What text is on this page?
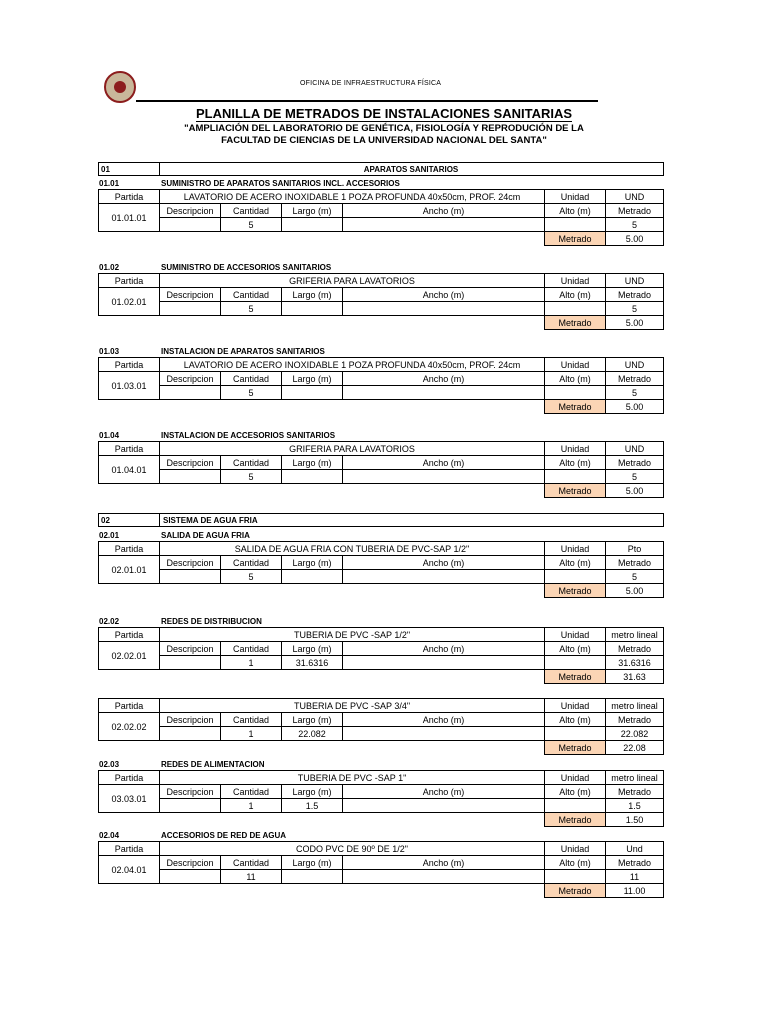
OFICINA DE INFRAESTRUCTURA FÍSICA
PLANILLA DE METRADOS DE INSTALACIONES SANITARIAS
"AMPLIACIÓN DEL LABORATORIO DE GENÉTICA, FISIOLOGÍA Y REPRODUCIÓN DE LA
FACULTAD DE CIENCIAS DE LA UNIVERSIDAD NACIONAL DEL SANTA"
01	APARATOS SANITARIOS
02	SISTEMA DE AGUA FRIA
01.01	SUMINISTRO DE APARATOS SANITARIOS INCL. ACCESORIOS
01.02	SUMINISTRO DE ACCESORIOS SANITARIOS
01.03	INSTALACION DE APARATOS SANITARIOS
01.04	INSTALACION DE ACCESORIOS SANITARIOS
02.01	SALIDA DE AGUA FRIA
02.02	REDES DE DISTRIBUCION
02.03	REDES DE ALIMENTACION
02.04	ACCESORIOS DE RED DE AGUA
Partida	LAVATORIO DE ACERO INOXIDABLE 1 POZA PROFUNDA 40x50cm, PROF. 24cm				Unidad	UND
01.01.01	Descripcion	Cantidad	Largo (m)	Ancho (m)	Alto (m)	Metrado
		5				5
					Metrado	5.00
Partida	GRIFERIA PARA LAVATORIOS				Unidad	UND
01.02.01	Descripcion	Cantidad	Largo (m)	Ancho (m)	Alto (m)	Metrado
		5				5
					Metrado	5.00
Partida	LAVATORIO DE ACERO INOXIDABLE 1 POZA PROFUNDA 40x50cm, PROF. 24cm				Unidad	UND
01.03.01	Descripcion	Cantidad	Largo (m)	Ancho (m)	Alto (m)	Metrado
		5				5
					Metrado	5.00
Partida	GRIFERIA PARA LAVATORIOS				Unidad	UND
01.04.01	Descripcion	Cantidad	Largo (m)	Ancho (m)	Alto (m)	Metrado
		5				5
					Metrado	5.00
Partida	SALIDA DE AGUA FRIA CON TUBERIA DE PVC-SAP 1/2"				Unidad	Pto
02.01.01	Descripcion	Cantidad	Largo (m)	Ancho (m)	Alto (m)	Metrado
		5				5
					Metrado	5.00
Partida	TUBERIA DE PVC -SAP 1/2"				Unidad	metro lineal
02.02.01	Descripcion	Cantidad	Largo (m)	Ancho (m)	Alto (m)	Metrado
		1	31.6316			31.6316
					Metrado	31.63
Partida	TUBERIA DE PVC -SAP 3/4"				Unidad	metro lineal
02.02.02	Descripcion	Cantidad	Largo (m)	Ancho (m)	Alto (m)	Metrado
		1	22.082			22.082
					Metrado	22.08
Partida	TUBERIA DE PVC -SAP 1"				Unidad	metro lineal
03.03.01	Descripcion	Cantidad	Largo (m)	Ancho (m)	Alto (m)	Metrado
		1	1.5			1.5
					Metrado	1.50
Partida	CODO PVC DE 90º DE 1/2"				Unidad	Und
02.04.01	Descripcion	Cantidad	Largo (m)	Ancho (m)	Alto (m)	Metrado
		11				11
					Metrado	11.00
